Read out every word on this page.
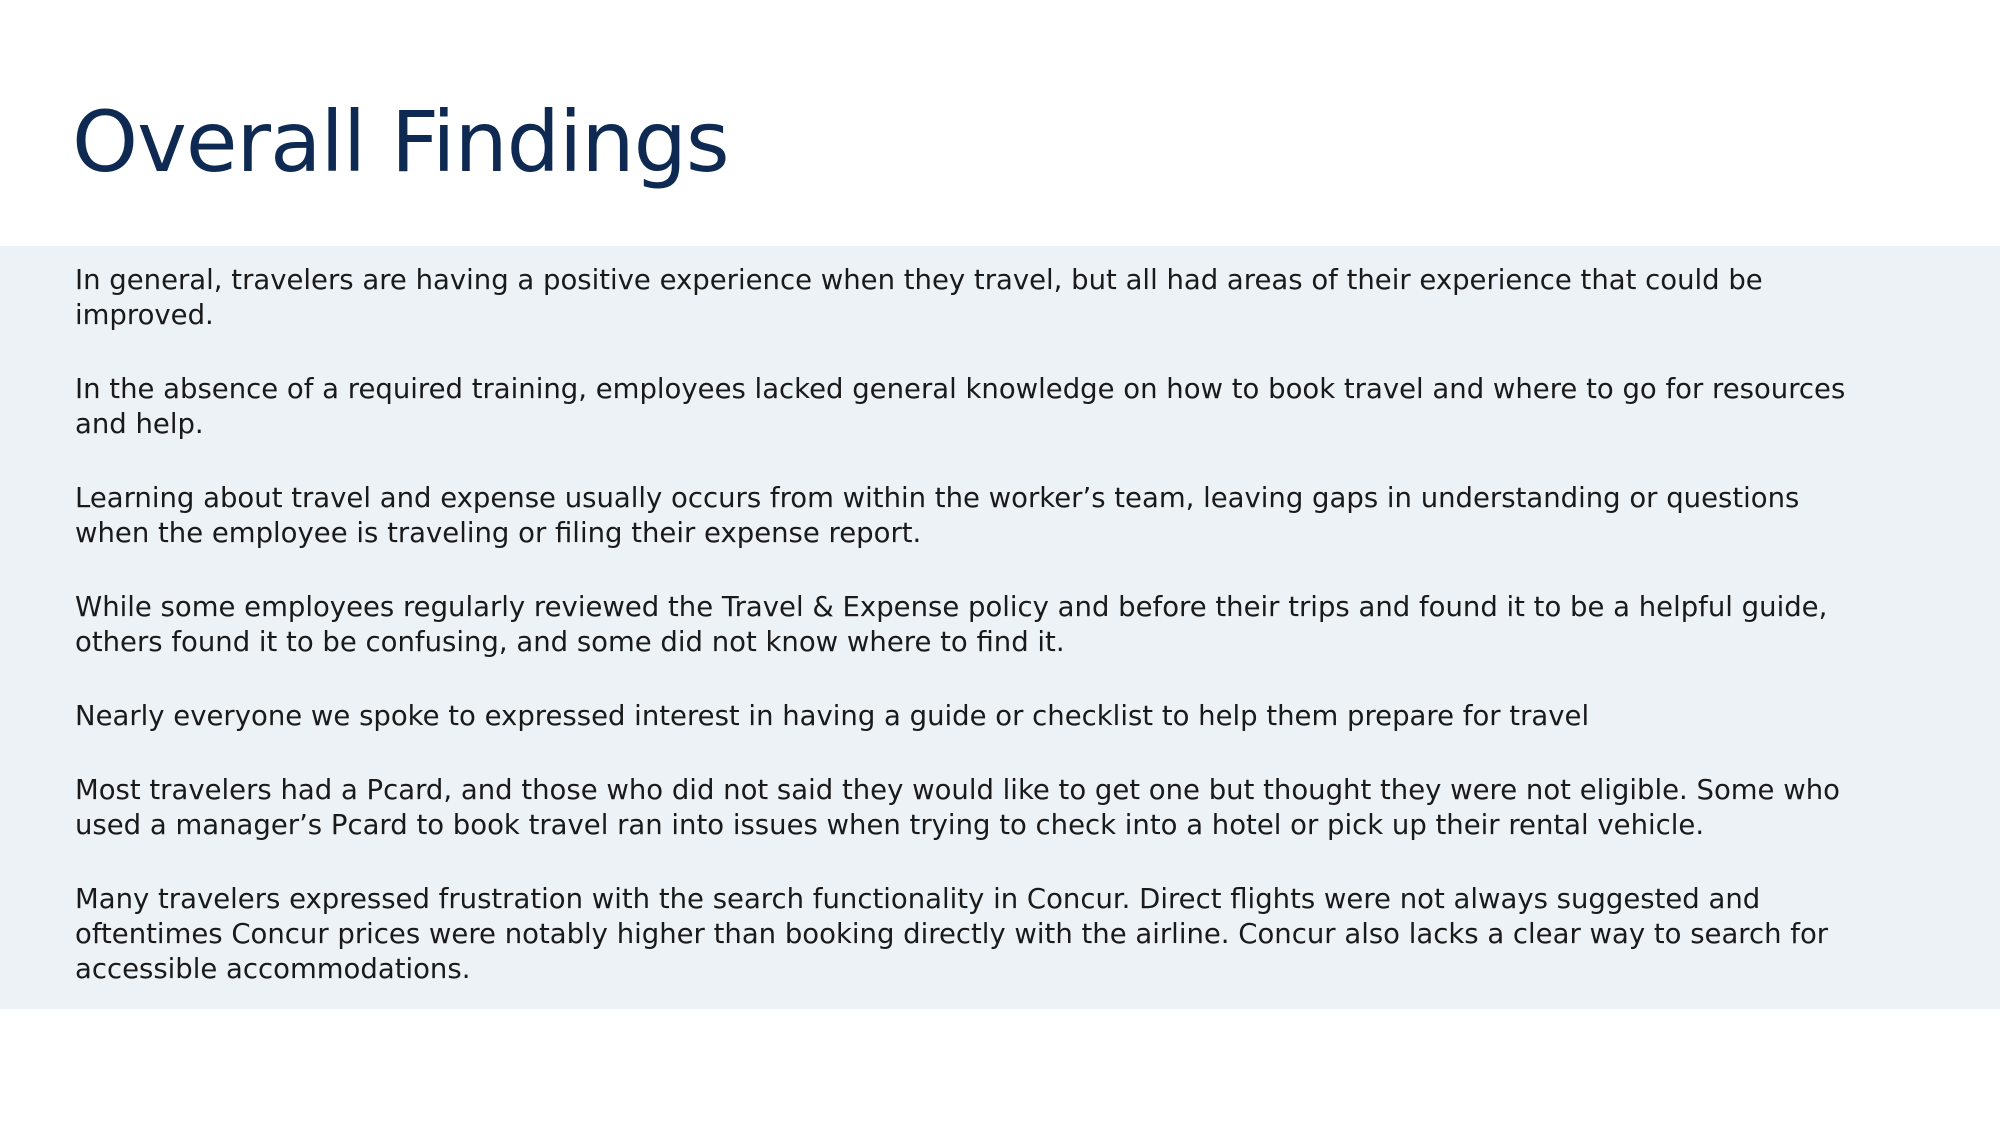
Overall Findings
In general, travelers are having a positive experience when they travel, but all had areas of their experience that could be improved.
In the absence of a required training, employees lacked general knowledge on how to book travel and where to go for resources and help.
Learning about travel and expense usually occurs from within the worker’s team, leaving gaps in understanding or questions when the employee is traveling or filing their expense report.
While some employees regularly reviewed the Travel & Expense policy and before their trips and found it to be a helpful guide, others found it to be confusing, and some did not know where to find it.
Nearly everyone we spoke to expressed interest in having a guide or checklist to help them prepare for travel
Most travelers had a Pcard, and those who did not said they would like to get one but thought they were not eligible. Some who used a manager’s Pcard to book travel ran into issues when trying to check into a hotel or pick up their rental vehicle.
Many travelers expressed frustration with the search functionality in Concur. Direct flights were not always suggested and oftentimes Concur prices were notably higher than booking directly with the airline. Concur also lacks a clear way to search for accessible accommodations.
